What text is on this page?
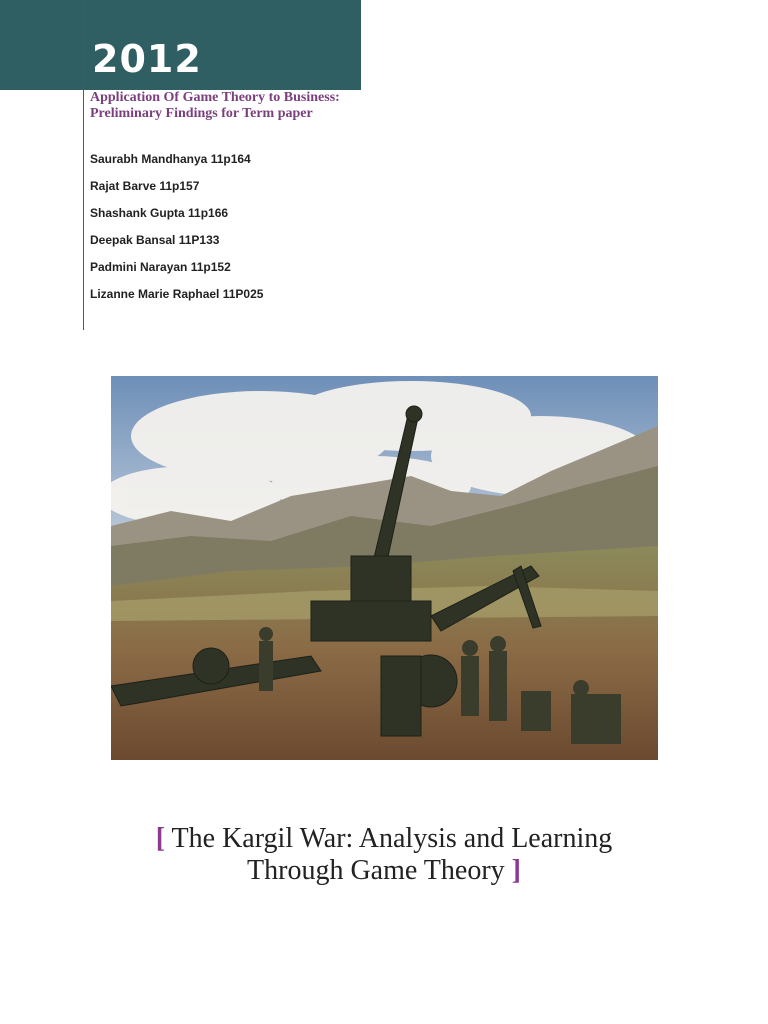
2012
Application Of Game Theory to Business: Preliminary Findings for Term paper
Saurabh Mandhanya 11p164
Rajat Barve 11p157
Shashank Gupta 11p166
Deepak Bansal 11P133
Padmini Narayan 11p152
Lizanne Marie Raphael 11P025
[ The Kargil War: Analysis and Learning
Through Game Theory ]
